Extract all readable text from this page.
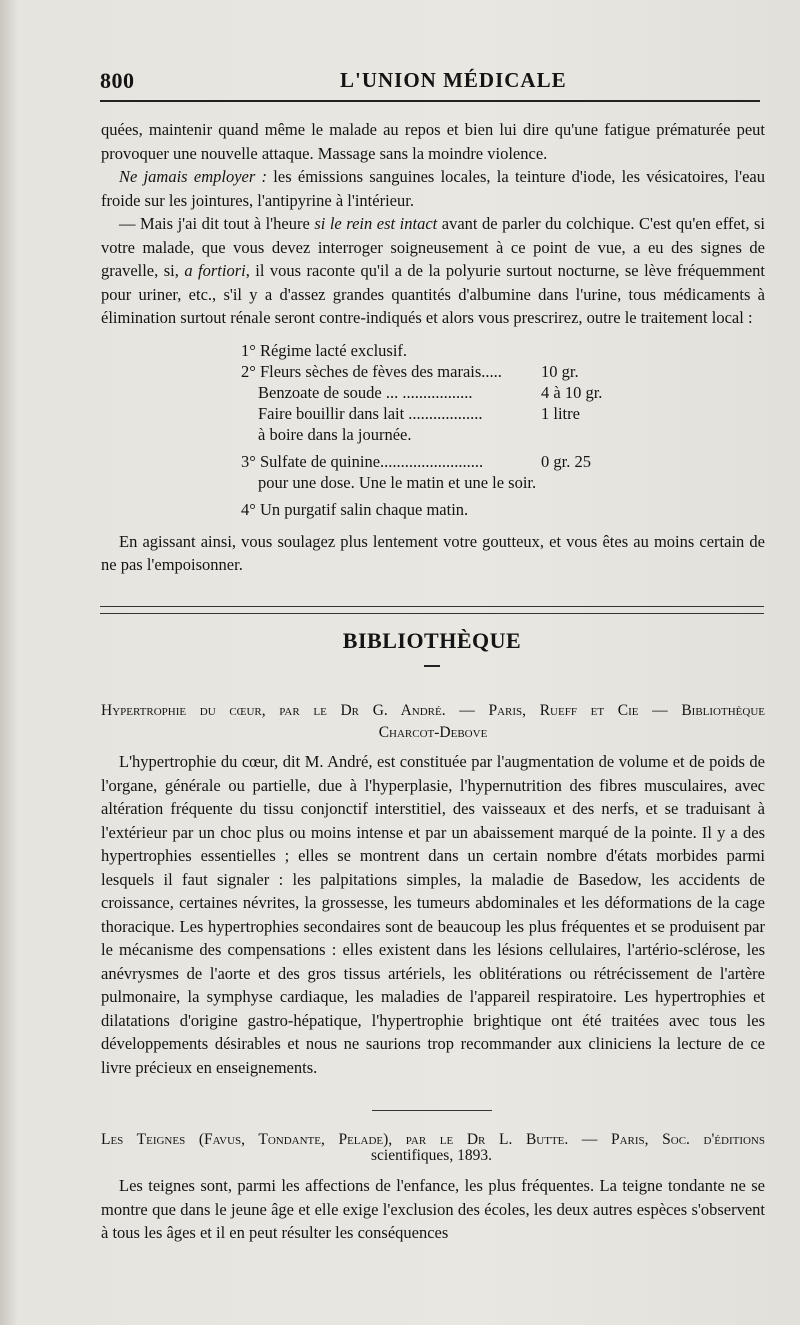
800	L'UNION MÉDICALE

quées, maintenir quand même le malade au repos et bien lui dire qu'une fatigue prématurée peut provoquer une nouvelle attaque. Massage sans la moindre violence.

Ne jamais employer : les émissions sanguines locales, la teinture d'iode, les vésicatoires, l'eau froide sur les jointures, l'antipyrine à l'intérieur.

— Mais j'ai dit tout à l'heure si le rein est intact avant de parler du colchique. C'est qu'en effet, si votre malade, que vous devez interroger soigneusement à ce point de vue, a eu des signes de gravelle, si, a fortiori, il vous raconte qu'il a de la polyurie surtout nocturne, se lève fréquemment pour uriner, etc., s'il y a d'assez grandes quantités d'albumine dans l'urine, tous médicaments à élimination surtout rénale seront contre-indiqués et alors vous prescrirez, outre le traitement local :

1° Régime lacté exclusif.
2° Fleurs sèches de fèves des marais.....	10 gr.
Benzoate de soude ... .................	4 à 10 gr.
Faire bouillir dans lait ..................	1 litre
à boire dans la journée.
3° Sulfate de quinine.........................	0 gr. 25
pour une dose. Une le matin et une le soir.
4° Un purgatif salin chaque matin.

En agissant ainsi, vous soulagez plus lentement votre goutteux, et vous êtes au moins certain de ne pas l'empoisonner.

BIBLIOTHÈQUE
Hypertrophie du cœur, par le Dr G. André. — Paris, Rueff et Cie — Bibliothèque
Charcot-Debove

L'hypertrophie du cœur, dit M. André, est constituée par l'augmentation de volume et de poids de l'organe, générale ou partielle, due à l'hyperplasie, l'hypernutrition des fibres musculaires, avec altération fréquente du tissu conjonctif interstitiel, des vaisseaux et des nerfs, et se traduisant à l'extérieur par un choc plus ou moins intense et par un abaissement marqué de la pointe. Il y a des hypertrophies essentielles ; elles se montrent dans un certain nombre d'états morbides parmi lesquels il faut signaler : les palpitations simples, la maladie de Basedow, les accidents de croissance, certaines névrites, la grossesse, les tumeurs abdominales et les déformations de la cage thoracique. Les hypertrophies secondaires sont de beaucoup les plus fréquentes et se produisent par le mécanisme des compensations : elles existent dans les lésions cellulaires, l'artério-sclérose, les anévrysmes de l'aorte et des gros tissus artériels, les oblitérations ou rétrécissement de l'artère pulmonaire, la symphyse cardiaque, les maladies de l'appareil respiratoire. Les hypertrophies et dilatations d'origine gastro-hépatique, l'hypertrophie brightique ont été traitées avec tous les développements désirables et nous ne saurions trop recommander aux cliniciens la lecture de ce livre précieux en enseignements.

Les Teignes (Favus, Tondante, Pelade), par le Dr L. Butte. — Paris, Soc. d'éditions
scientifiques, 1893.

Les teignes sont, parmi les affections de l'enfance, les plus fréquentes. La teigne tondante ne se montre que dans le jeune âge et elle exige l'exclusion des écoles, les deux autres espèces s'observent à tous les âges et il en peut résulter les conséquences
